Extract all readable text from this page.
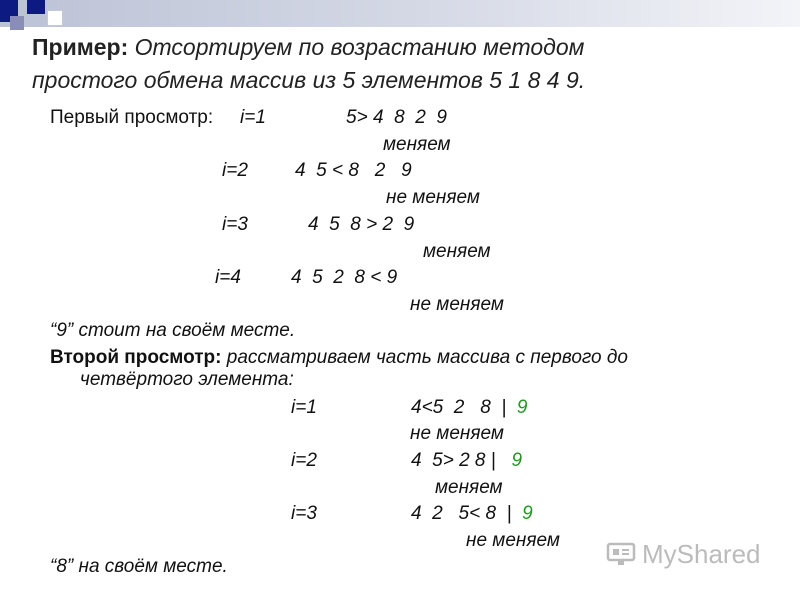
Пример: Отсортируем по возрастанию методом
простого обмена массив из 5 элементов 5 1 8 4 9.
Первый просмотр: i=1	5> 4  8  2  9
меняем
i=2 4  5 < 8   2   9
не меняем
i=3	4  5  8 > 2  9
меняем
i=4	4  5  2  8 < 9
не меняем
“9” стоит на своём месте.
Второй просмотр: рассматриваем часть массива с первого до
четвёртого элемента:
i=1	4<5  2   8  |  9
не меняем
i=2	4  5> 2 8 |   9
меняем
i=3	4  2   5< 8  |  9
не меняем
“8” на своём месте.	MyShared
